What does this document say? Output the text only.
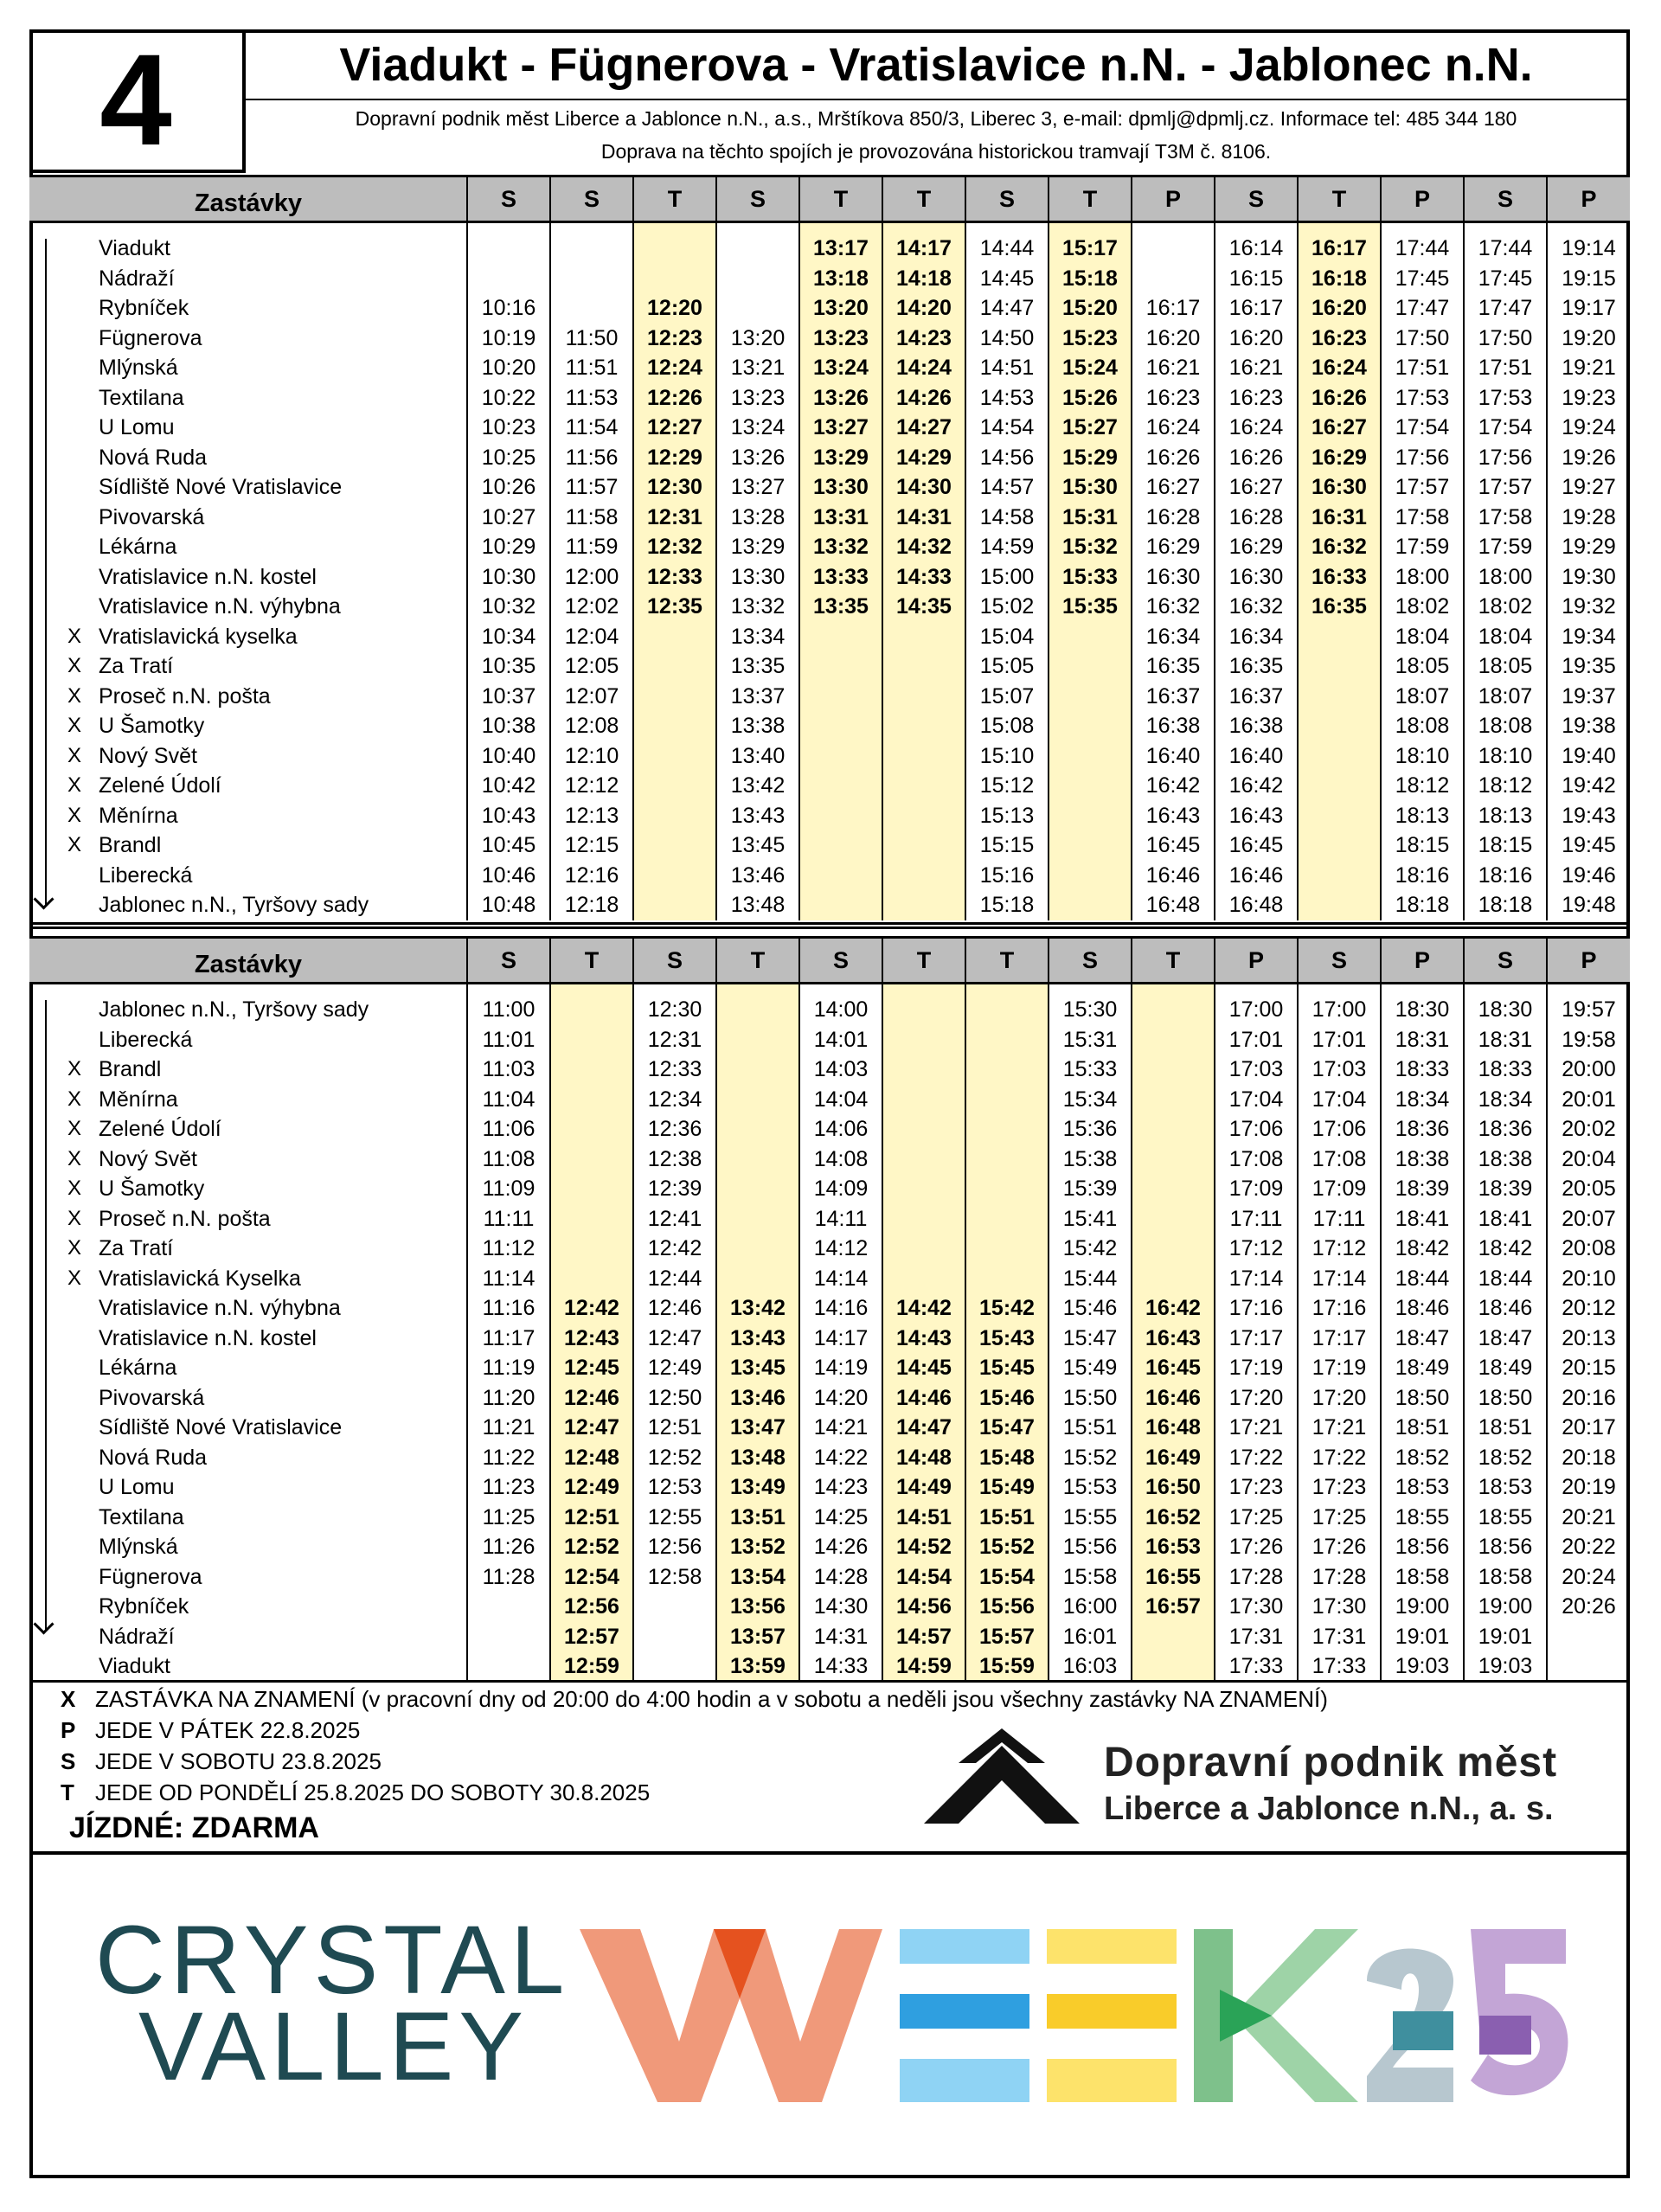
4	Viadukt - Fügnerova - Vratislavice n.N. - Jablonec n.N.
Dopravní podnik měst Liberce a Jablonce n.N., a.s., Mrštíkova 850/3, Liberec 3, e-mail: dpmlj@dpmlj.cz. Informace tel: 485 344 180
Doprava na těchto spojích je provozována historickou tramvají T3M č. 8106.
Zastávky	S	S	T	S	T	T	S	T	P	S	T	P	S	P

Viadukt					13:17	14:17	14:44	15:17		16:14	16:17	17:44	17:44	19:14

Nádraží					13:18	14:18	14:45	15:18		16:15	16:18	17:45	17:45	19:15

Rybníček	10:16		12:20		13:20	14:20	14:47	15:20	16:17	16:17	16:20	17:47	17:47	19:17

Fügnerova	10:19	11:50	12:23	13:20	13:23	14:23	14:50	15:23	16:20	16:20	16:23	17:50	17:50	19:20

Mlýnská	10:20	11:51	12:24	13:21	13:24	14:24	14:51	15:24	16:21	16:21	16:24	17:51	17:51	19:21

Textilana	10:22	11:53	12:26	13:23	13:26	14:26	14:53	15:26	16:23	16:23	16:26	17:53	17:53	19:23

U Lomu	10:23	11:54	12:27	13:24	13:27	14:27	14:54	15:27	16:24	16:24	16:27	17:54	17:54	19:24

Nová Ruda	10:25	11:56	12:29	13:26	13:29	14:29	14:56	15:29	16:26	16:26	16:29	17:56	17:56	19:26

Sídliště Nové Vratislavice	10:26	11:57	12:30	13:27	13:30	14:30	14:57	15:30	16:27	16:27	16:30	17:57	17:57	19:27

Pivovarská	10:27	11:58	12:31	13:28	13:31	14:31	14:58	15:31	16:28	16:28	16:31	17:58	17:58	19:28

Lékárna	10:29	11:59	12:32	13:29	13:32	14:32	14:59	15:32	16:29	16:29	16:32	17:59	17:59	19:29

Vratislavice n.N. kostel	10:30	12:00	12:33	13:30	13:33	14:33	15:00	15:33	16:30	16:30	16:33	18:00	18:00	19:30

Vratislavice n.N. výhybna	10:32	12:02	12:35	13:32	13:35	14:35	15:02	15:35	16:32	16:32	16:35	18:02	18:02	19:32

X Vratislavická kyselka	10:34	12:04		13:34			15:04		16:34	16:34		18:04	18:04	19:34

X Za Tratí	10:35	12:05		13:35			15:05		16:35	16:35		18:05	18:05	19:35

X Proseč n.N. pošta	10:37	12:07		13:37			15:07		16:37	16:37		18:07	18:07	19:37

X U Šamotky	10:38	12:08		13:38			15:08		16:38	16:38		18:08	18:08	19:38

X Nový Svět	10:40	12:10		13:40			15:10		16:40	16:40		18:10	18:10	19:40

X Zelené Údolí	10:42	12:12		13:42			15:12		16:42	16:42		18:12	18:12	19:42

X Měnírna	10:43	12:13		13:43			15:13		16:43	16:43		18:13	18:13	19:43

X Brandl	10:45	12:15		13:45			15:15		16:45	16:45		18:15	18:15	19:45

Liberecká	10:46	12:16		13:46			15:16		16:46	16:46		18:16	18:16	19:46

Jablonec n.N., Tyršovy sady	10:48	12:18		13:48			15:18		16:48	16:48		18:18	18:18	19:48
Zastávky	S	T	S	T	S	T	T	S	T	P	S	P	S	P

Jablonec n.N., Tyršovy sady	11:00		12:30		14:00			15:30		17:00	17:00	18:30	18:30	19:57

Liberecká	11:01		12:31		14:01			15:31		17:01	17:01	18:31	18:31	19:58

X Brandl	11:03		12:33		14:03			15:33		17:03	17:03	18:33	18:33	20:00

X Měnírna	11:04		12:34		14:04			15:34		17:04	17:04	18:34	18:34	20:01

X Zelené Údolí	11:06		12:36		14:06			15:36		17:06	17:06	18:36	18:36	20:02

X Nový Svět	11:08		12:38		14:08			15:38		17:08	17:08	18:38	18:38	20:04

X U Šamotky	11:09		12:39		14:09			15:39		17:09	17:09	18:39	18:39	20:05

X Proseč n.N. pošta	11:11		12:41		14:11			15:41		17:11	17:11	18:41	18:41	20:07

X Za Tratí	11:12		12:42		14:12			15:42		17:12	17:12	18:42	18:42	20:08

X Vratislavická Kyselka	11:14		12:44		14:14			15:44		17:14	17:14	18:44	18:44	20:10

Vratislavice n.N. výhybna	11:16	12:42	12:46	13:42	14:16	14:42	15:42	15:46	16:42	17:16	17:16	18:46	18:46	20:12

Vratislavice n.N. kostel	11:17	12:43	12:47	13:43	14:17	14:43	15:43	15:47	16:43	17:17	17:17	18:47	18:47	20:13

Lékárna	11:19	12:45	12:49	13:45	14:19	14:45	15:45	15:49	16:45	17:19	17:19	18:49	18:49	20:15

Pivovarská	11:20	12:46	12:50	13:46	14:20	14:46	15:46	15:50	16:46	17:20	17:20	18:50	18:50	20:16

Sídliště Nové Vratislavice	11:21	12:47	12:51	13:47	14:21	14:47	15:47	15:51	16:48	17:21	17:21	18:51	18:51	20:17

Nová Ruda	11:22	12:48	12:52	13:48	14:22	14:48	15:48	15:52	16:49	17:22	17:22	18:52	18:52	20:18

U Lomu	11:23	12:49	12:53	13:49	14:23	14:49	15:49	15:53	16:50	17:23	17:23	18:53	18:53	20:19

Textilana	11:25	12:51	12:55	13:51	14:25	14:51	15:51	15:55	16:52	17:25	17:25	18:55	18:55	20:21

Mlýnská	11:26	12:52	12:56	13:52	14:26	14:52	15:52	15:56	16:53	17:26	17:26	18:56	18:56	20:22

Fügnerova	11:28	12:54	12:58	13:54	14:28	14:54	15:54	15:58	16:55	17:28	17:28	18:58	18:58	20:24

Rybníček		12:56		13:56	14:30	14:56	15:56	16:00	16:57	17:30	17:30	19:00	19:00	20:26

Nádraží		12:57		13:57	14:31	14:57	15:57	16:01		17:31	17:31	19:01	19:01	

Viadukt		12:59		13:59	14:33	14:59	15:59	16:03		17:33	17:33	19:03	19:03	
X ZASTÁVKA NA ZNAMENÍ (v pracovní dny od 20:00 do 4:00 hodin a v sobotu a neděli jsou všechny zastávky NA ZNAMENÍ)
P JEDE V PÁTEK 22.8.2025
S JEDE V SOBOTU 23.8.2025
T JEDE OD PONDĚLÍ 25.8.2025 DO SOBOTY 30.8.2025
JÍZDNÉ: ZDARMA
Dopravní podnik měst
Liberce a Jablonce n.N., a. s.
CRYSTAL
VALLEY
